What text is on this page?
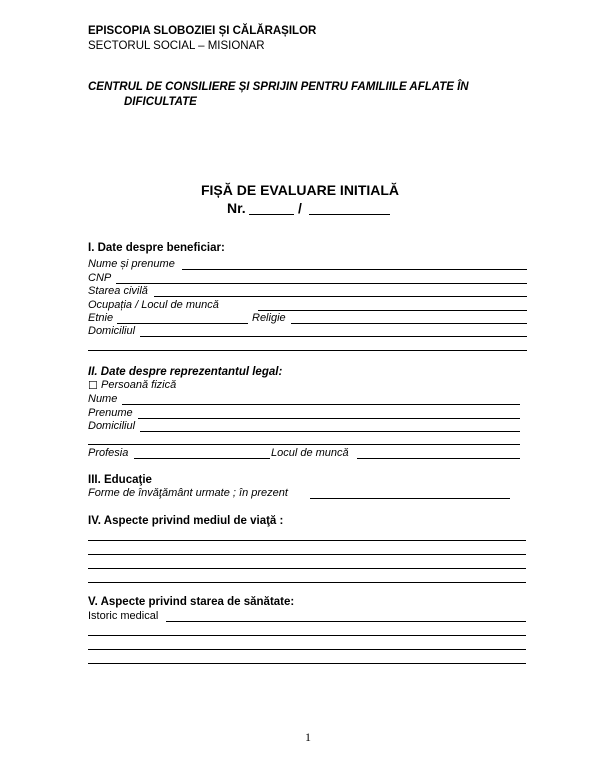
EPISCOPIA SLOBOZIEI ȘI CĂLĂRAȘILOR
SECTORUL SOCIAL – MISIONAR
CENTRUL DE CONSILIERE ȘI SPRIJIN PENTRU FAMILIILE AFLATE ÎN
DIFICULTATE
FIȘĂ DE EVALUARE INITIALĂ
Nr.	/
I. Date despre beneficiar:
Nume și prenume
CNP
Starea civilă
Ocupația / Locul de muncă
Etnie	Religie
Domiciliul
II. Date despre reprezentantul legal:
☐ Persoană fizică
Nume
Prenume
Domiciliul
Profesia	Locul de muncă
III. Educaţie
Forme de învăţământ urmate ; în prezent
IV. Aspecte privind mediul de viaţă :
V. Aspecte privind starea de sănătate:
Istoric medical
1
